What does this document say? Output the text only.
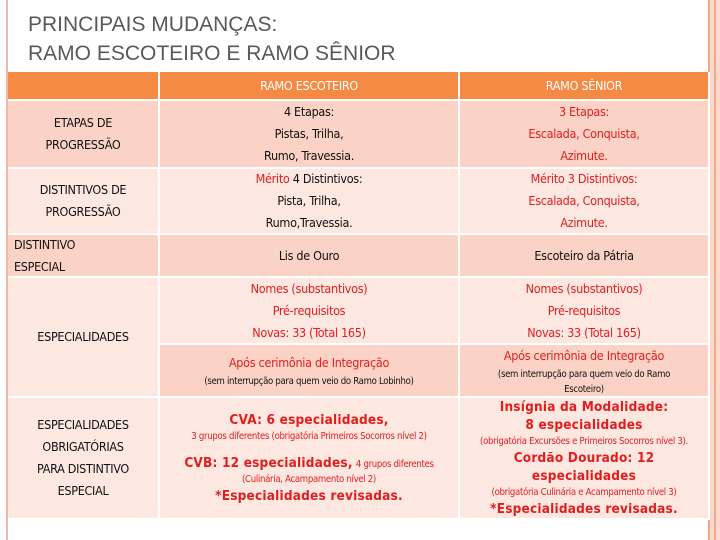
PRINCIPAIS MUDANÇAS:
RAMO ESCOTEIRO E RAMO SÊNIOR
RAMO ESCOTEIRO	RAMO SÊNIOR
ETAPAS DE
PROGRESSÃO
4 Etapas:
Pistas, Trilha,
Rumo, Travessia.
3 Etapas:
Escalada, Conquista,
Azimute.
DISTINTIVOS DE
PROGRESSÃO
Mérito 4 Distintivos:
Pista, Trilha,
Rumo,Travessia.
Mérito 3 Distintivos:
Escalada, Conquista,
Azimute.
DISTINTIVO
ESPECIAL
Lis de Ouro	Escoteiro da Pátria
ESPECIALIDADES
Nomes (substantivos)
Pré-requisitos
Novas: 33 (Total 165)
Nomes (substantivos)
Pré-requisitos
Novas: 33 (Total 165)
Após cerimônia de Integração
(sem interrupção para quem veio do Ramo Lobinho)
Após cerimônia de Integração
(sem interrupção para quem veio do Ramo Escoteiro)
ESPECIALIDADES
OBRIGATÓRIAS
PARA DISTINTIVO
ESPECIAL
CVA: 6 especialidades,
3 grupos diferentes (obrigatória Primeiros Socorros nível 2)
CVB: 12 especialidades, 4 grupos diferentes
(Culinária, Acampamento nível 2)
*Especialidades revisadas.
Insígnia da Modalidade:
8 especialidades
(obrigatória Excursões e Primeiros Socorros nível 3).
Cordão Dourado: 12 especialidades
(obrigatória Culinária e Acampamento nível 3)
*Especialidades revisadas.
